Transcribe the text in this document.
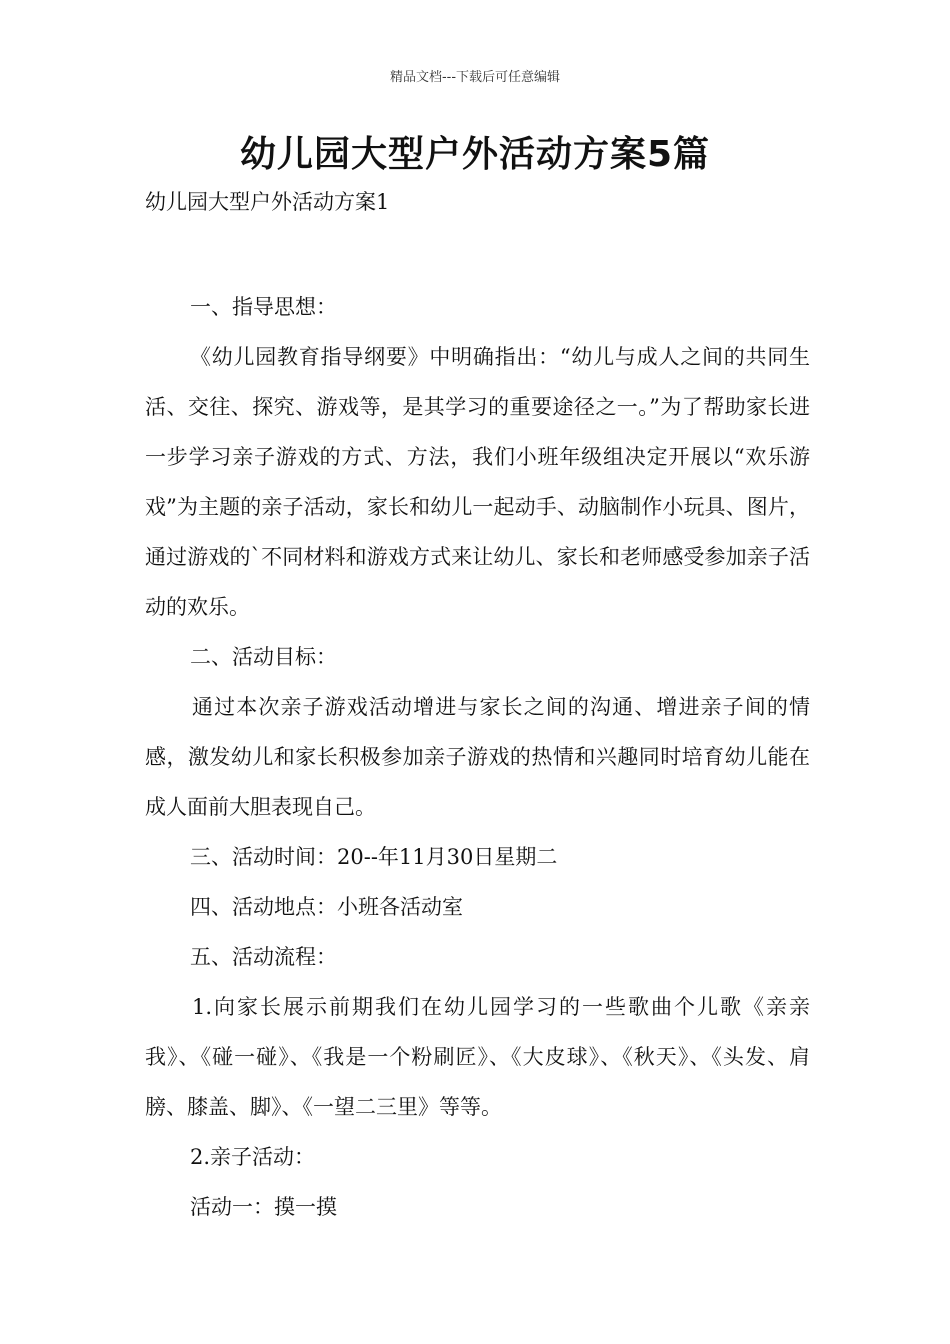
精品文档---下载后可任意编辑
幼儿园大型户外活动方案5篇

幼儿园大型户外活动方案1

一、指导思想：

《幼儿园教育指导纲要》中明确指出：“幼儿与成人之间的共同生活、交往、探究、游戏等，是其学习的重要途径之一。”为了帮助家长进一步学习亲子游戏的方式、方法，我们小班年级组决定开展以“欢乐游戏”为主题的亲子活动，家长和幼儿一起动手、动脑制作小玩具、图片，通过游戏的`不同材料和游戏方式来让幼儿、家长和老师感受参加亲子活动的欢乐。

二、活动目标：

通过本次亲子游戏活动增进与家长之间的沟通、增进亲子间的情感，激发幼儿和家长积极参加亲子游戏的热情和兴趣同时培育幼儿能在成人面前大胆表现自己。

三、活动时间：20--年11月30日星期二

四、活动地点：小班各活动室

五、活动流程：

1.向家长展示前期我们在幼儿园学习的一些歌曲个儿歌《亲亲我》、《碰一碰》、《我是一个粉刷匠》、《大皮球》、《秋天》、《头发、肩膀、膝盖、脚》、《一望二三里》等等。

2.亲子活动：

活动一：摸一摸
